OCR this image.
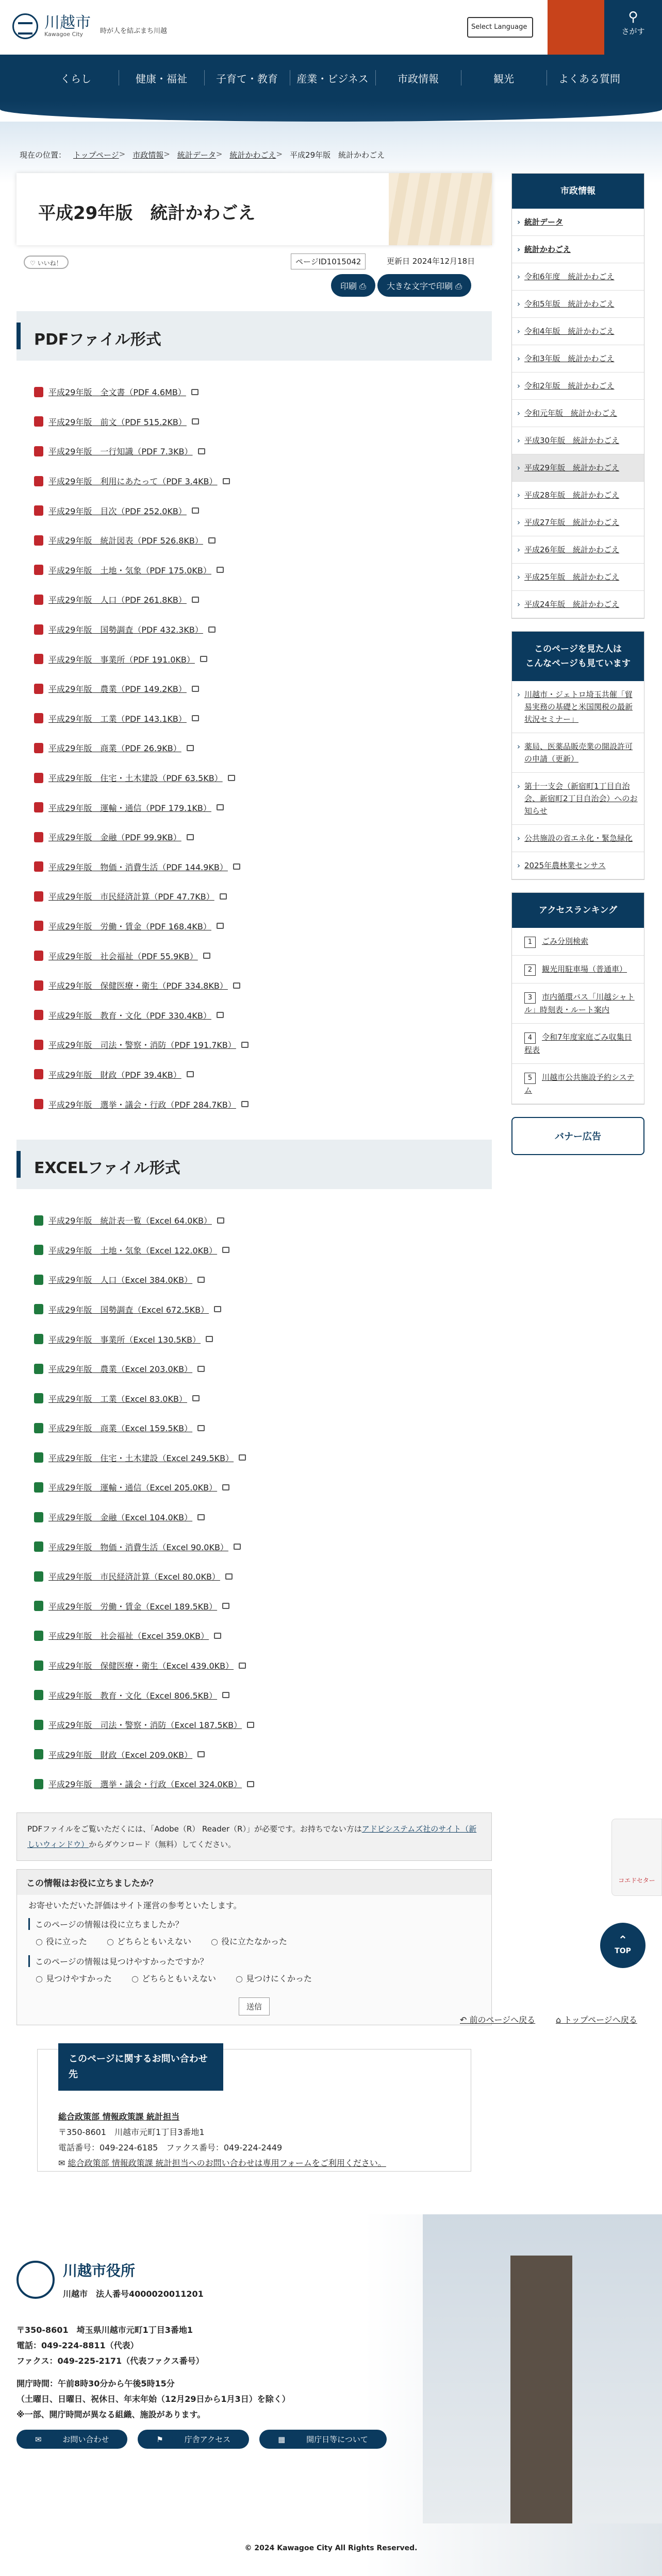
川越市
Kawagoe City	時が人を結ぶまち川越	Select Language
⚲
さがす
くらし	健康・福祉	子育て・教育	産業・ビジネス	市政情報	観光	よくある質問
現在の位置： トップページ > 市政情報 > 統計データ > 統計かわごえ > 平成29年版　統計かわごえ
平成29年版　統計かわごえ
♡ いいね！	ページID1015042	更新日 2024年12月18日
印刷 ⎙	大きな文字で印刷 ⎙
PDFファイル形式
平成29年版　全文書（PDF 4.6MB）
平成29年版　前文（PDF 515.2KB）
平成29年版　一行知識（PDF 7.3KB）
平成29年版　利用にあたって（PDF 3.4KB）
平成29年版　目次（PDF 252.0KB）
平成29年版　統計図表（PDF 526.8KB）
平成29年版　土地・気象（PDF 175.0KB）
平成29年版　人口（PDF 261.8KB）
平成29年版　国勢調査（PDF 432.3KB）
平成29年版　事業所（PDF 191.0KB）
平成29年版　農業（PDF 149.2KB）
平成29年版　工業（PDF 143.1KB）
平成29年版　商業（PDF 26.9KB）
平成29年版　住宅・土木建設（PDF 63.5KB）
平成29年版　運輸・通信（PDF 179.1KB）
平成29年版　金融（PDF 99.9KB）
平成29年版　物価・消費生活（PDF 144.9KB）
平成29年版　市民経済計算（PDF 47.7KB）
平成29年版　労働・賃金（PDF 168.4KB）
平成29年版　社会福祉（PDF 55.9KB）
平成29年版　保健医療・衛生（PDF 334.8KB）
平成29年版　教育・文化（PDF 330.4KB）
平成29年版　司法・警察・消防（PDF 191.7KB）
平成29年版　財政（PDF 39.4KB）
平成29年版　選挙・議会・行政（PDF 284.7KB）
EXCELファイル形式
平成29年版　統計表一覧（Excel 64.0KB）
平成29年版　土地・気象（Excel 122.0KB）
平成29年版　人口（Excel 384.0KB）
平成29年版　国勢調査（Excel 672.5KB）
平成29年版　事業所（Excel 130.5KB）
平成29年版　農業（Excel 203.0KB）
平成29年版　工業（Excel 83.0KB）
平成29年版　商業（Excel 159.5KB）
平成29年版　住宅・土木建設（Excel 249.5KB）
平成29年版　運輸・通信（Excel 205.0KB）
平成29年版　金融（Excel 104.0KB）
平成29年版　物価・消費生活（Excel 90.0KB）
平成29年版　市民経済計算（Excel 80.0KB）
平成29年版　労働・賃金（Excel 189.5KB）
平成29年版　社会福祉（Excel 359.0KB）
平成29年版　保健医療・衛生（Excel 439.0KB）
平成29年版　教育・文化（Excel 806.5KB）
平成29年版　司法・警察・消防（Excel 187.5KB）
平成29年版　財政（Excel 209.0KB）
平成29年版　選挙・議会・行政（Excel 324.0KB）
PDFファイルをご覧いただくには、「Adobe（R） Reader（R）」が必要です。お持ちでない方はアドビシステムズ社のサイト（新しいウィンドウ）からダウンロード（無料）してください。
この情報はお役に立ちましたか？

お寄せいただいた評価はサイト運営の参考といたします。

このページの情報は役に立ちましたか？
○ 役に立った	○ どちらともいえない	○ 役に立たなかった
このページの情報は見つけやすかったですか？
○ 見つけやすかった	○ どちらともいえない	○ 見つけにくかった
送信
このページに関するお問い合わせ先
総合政策部 情報政策課 統計担当
〒350-8601　川越市元町1丁目3番地1
電話番号：049-224-6185　ファクス番号：049-224-2449
✉ 総合政策部 情報政策課 統計担当へのお問い合わせは専用フォームをご利用ください。
↶ 前のページへ戻る ⌂ トップページへ戻る
市政情報
› 統計データ
› 統計かわごえ
› 令和6年度　統計かわごえ
› 令和5年版　統計かわごえ
› 令和4年版　統計かわごえ
› 令和3年版　統計かわごえ
› 令和2年版　統計かわごえ
› 令和元年版　統計かわごえ
› 平成30年版　統計かわごえ
› 平成29年版　統計かわごえ
› 平成28年版　統計かわごえ
› 平成27年版　統計かわごえ
› 平成26年版　統計かわごえ
› 平成25年版　統計かわごえ
› 平成24年版　統計かわごえ
このページを見た人は
こんなページも見ています
› 川越市・ジェトロ埼玉共催「貿易実務の基礎と米国関税の最新状況セミナー」
› 薬局、医薬品販売業の開設許可の申請（更新）
› 第十一支会（新宿町1丁目自治会、新宿町2丁目自治会）へのお知らせ
› 公共施設の省エネ化・緊急緑化
› 2025年農林業センサス
アクセスランキング
1 ごみ分別検索
2 観光用駐車場（普通車）
3 市内循環バス「川越シャトル」時刻表・ルート案内
4 令和7年度家庭ごみ収集日程表
5 川越市公共施設予約システム
バナー広告
コエドセター
⌃
TOP
川越市役所
川越市　法人番号4000020011201
〒350-8601　埼玉県川越市元町1丁目3番地1
電話：049-224-8811（代表）
ファクス：049-225-2171（代表ファクス番号）
開庁時間：午前8時30分から午後5時15分
（土曜日、日曜日、祝休日、年末年始（12月29日から1月3日）を除く）
※一部、開庁時間が異なる組織、施設があります。
✉	お問い合わせ	⚑	庁舎アクセス	▦	開庁日等について
© 2024 Kawagoe City All Rights Reserved.
